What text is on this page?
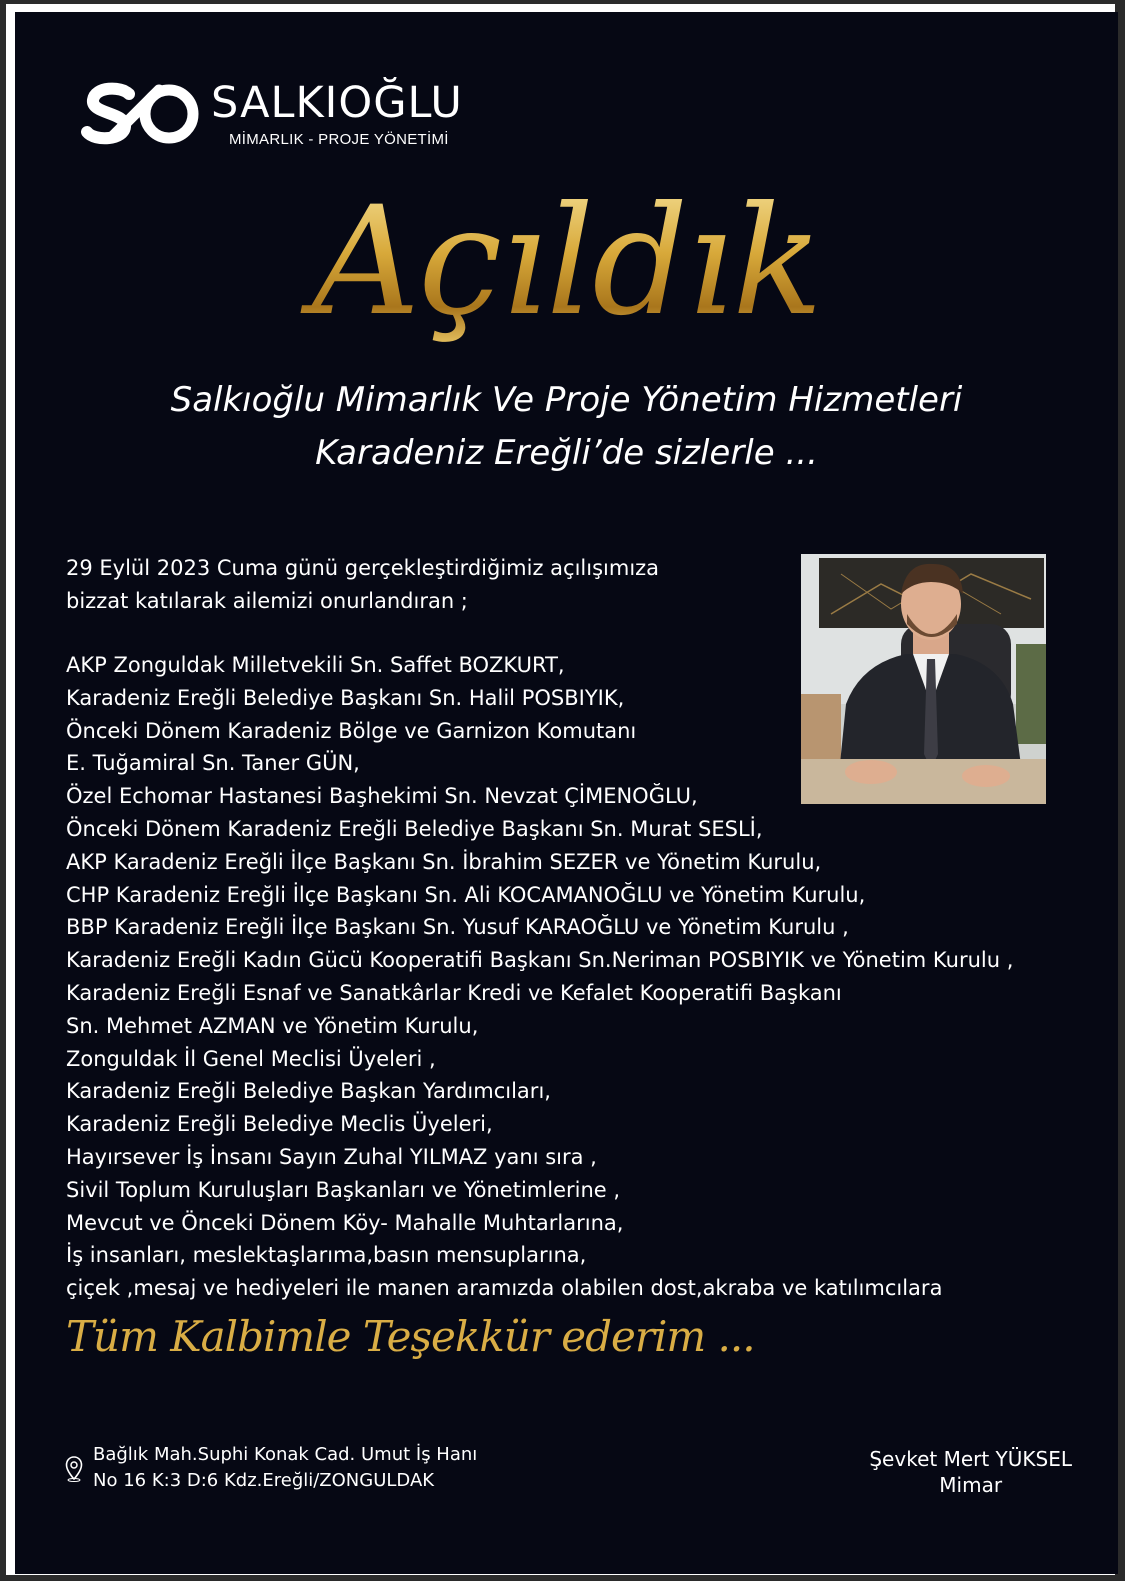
SALKIOĞLU
MİMARLIK - PROJE YÖNETİMİ
Açıldık
Salkıoğlu Mimarlık Ve Proje Yönetim Hizmetleri
Karadeniz Ereğli’de sizlerle ...
29 Eylül 2023 Cuma günü gerçekleştirdiğimiz açılışımıza
bizzat katılarak ailemizi onurlandıran ;
AKP Zonguldak Milletvekili Sn. Saffet BOZKURT,
Karadeniz Ereğli Belediye Başkanı Sn. Halil POSBIYIK,
Önceki Dönem Karadeniz Bölge ve Garnizon Komutanı
E. Tuğamiral Sn. Taner GÜN,
Özel Echomar Hastanesi Başhekimi Sn. Nevzat ÇİMENOĞLU,
Önceki Dönem Karadeniz Ereğli Belediye Başkanı Sn. Murat SESLİ,
AKP Karadeniz Ereğli İlçe Başkanı Sn. İbrahim SEZER ve Yönetim Kurulu,
CHP Karadeniz Ereğli İlçe Başkanı Sn. Ali KOCAMANOĞLU ve Yönetim Kurulu,
BBP Karadeniz Ereğli İlçe Başkanı Sn. Yusuf KARAOĞLU ve Yönetim Kurulu ,
Karadeniz Ereğli Kadın Gücü Kooperatifi Başkanı Sn.Neriman POSBIYIK ve Yönetim Kurulu ,
Karadeniz Ereğli Esnaf ve Sanatkârlar Kredi ve Kefalet Kooperatifi Başkanı
Sn. Mehmet AZMAN ve Yönetim Kurulu,
Zonguldak İl Genel Meclisi Üyeleri ,
Karadeniz Ereğli Belediye Başkan Yardımcıları,
Karadeniz Ereğli Belediye Meclis Üyeleri,
Hayırsever İş İnsanı Sayın Zuhal YILMAZ yanı sıra ,
Sivil Toplum Kuruluşları Başkanları ve Yönetimlerine ,
Mevcut ve Önceki Dönem Köy- Mahalle Muhtarlarına,
İş insanları, meslektaşlarıma,basın mensuplarına,
çiçek ,mesaj ve hediyeleri ile manen aramızda olabilen dost,akraba ve katılımcılara
Tüm Kalbimle Teşekkür ederim ...
Bağlık Mah.Suphi Konak Cad. Umut İş Hanı
No 16 K:3 D:6 Kdz.Ereğli/ZONGULDAK
Şevket Mert YÜKSEL
Mimar
